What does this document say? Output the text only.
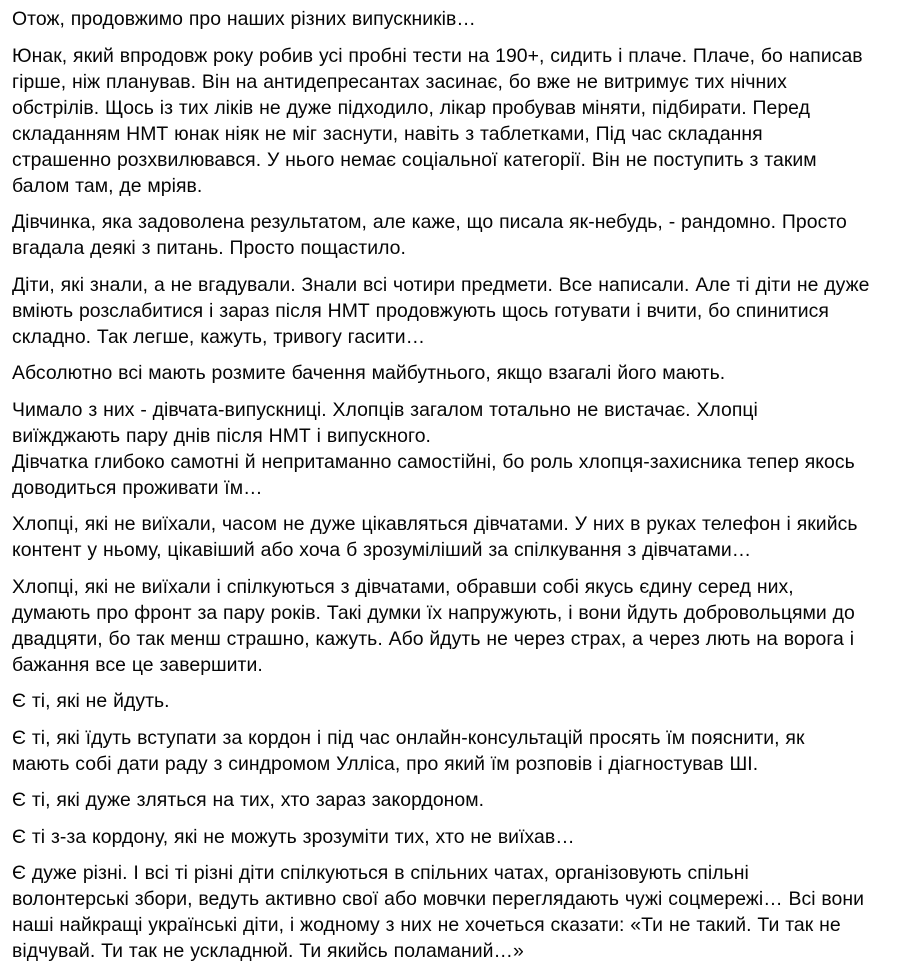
Отож, продовжимо про наших різних випускників…

Юнак, який впродовж року робив усі пробні тести на 190+, сидить і плаче. Плаче, бо написав
гірше, ніж планував. Він на антидепресантах засинає, бо вже не витримує тих нічних
обстрілів. Щось із тих ліків не дуже підходило, лікар пробував міняти, підбирати. Перед
складанням НМТ юнак ніяк не міг заснути, навіть з таблетками, Під час складання
страшенно розхвилювався. У нього немає соціальної категорії. Він не поступить з таким
балом там, де мріяв.

Дівчинка, яка задоволена результатом, але каже, що писала як-небудь, - рандомно. Просто
вгадала деякі з питань. Просто пощастило.

Діти, які знали, а не вгадували. Знали всі чотири предмети. Все написали. Але ті діти не дуже
вміють розслабитися і зараз після НМТ продовжують щось готувати і вчити, бо спинитися
складно. Так легше, кажуть, тривогу гасити…

Абсолютно всі мають розмите бачення майбутнього, якщо взагалі його мають.

Чимало з них - дівчата-випускниці. Хлопців загалом тотально не вистачає. Хлопці
виїжджають пару днів після НМТ і випускного.
Дівчатка глибоко самотні й непритаманно самостійні, бо роль хлопця-захисника тепер якось
доводиться проживати їм…

Хлопці, які не виїхали, часом не дуже цікавляться дівчатами. У них в руках телефон і якийсь
контент у ньому, цікавіший або хоча б зрозуміліший за спілкування з дівчатами…

Хлопці, які не виїхали і спілкуються з дівчатами, обравши собі якусь єдину серед них,
думають про фронт за пару років. Такі думки їх напружують, і вони йдуть добровольцями до
двадцяти, бо так менш страшно, кажуть. Або йдуть не через страх, а через лють на ворога і
бажання все це завершити.

Є ті, які не йдуть.

Є ті, які їдуть вступати за кордон і під час онлайн-консультацій просять їм пояснити, як
мають собі дати раду з синдромом Улліса, про який їм розповів і діагностував ШІ.

Є ті, які дуже зляться на тих, хто зараз закордоном.

Є ті з-за кордону, які не можуть зрозуміти тих, хто не виїхав…

Є дуже різні. І всі ті різні діти спілкуються в спільних чатах, організовують спільні
волонтерські збори, ведуть активно свої або мовчки переглядають чужі соцмережі… Всі вони
наші найкращі українські діти, і жодному з них не хочеться сказати: «Ти не такий. Ти так не
відчувай. Ти так не ускладнюй. Ти якийсь поламаний…»
